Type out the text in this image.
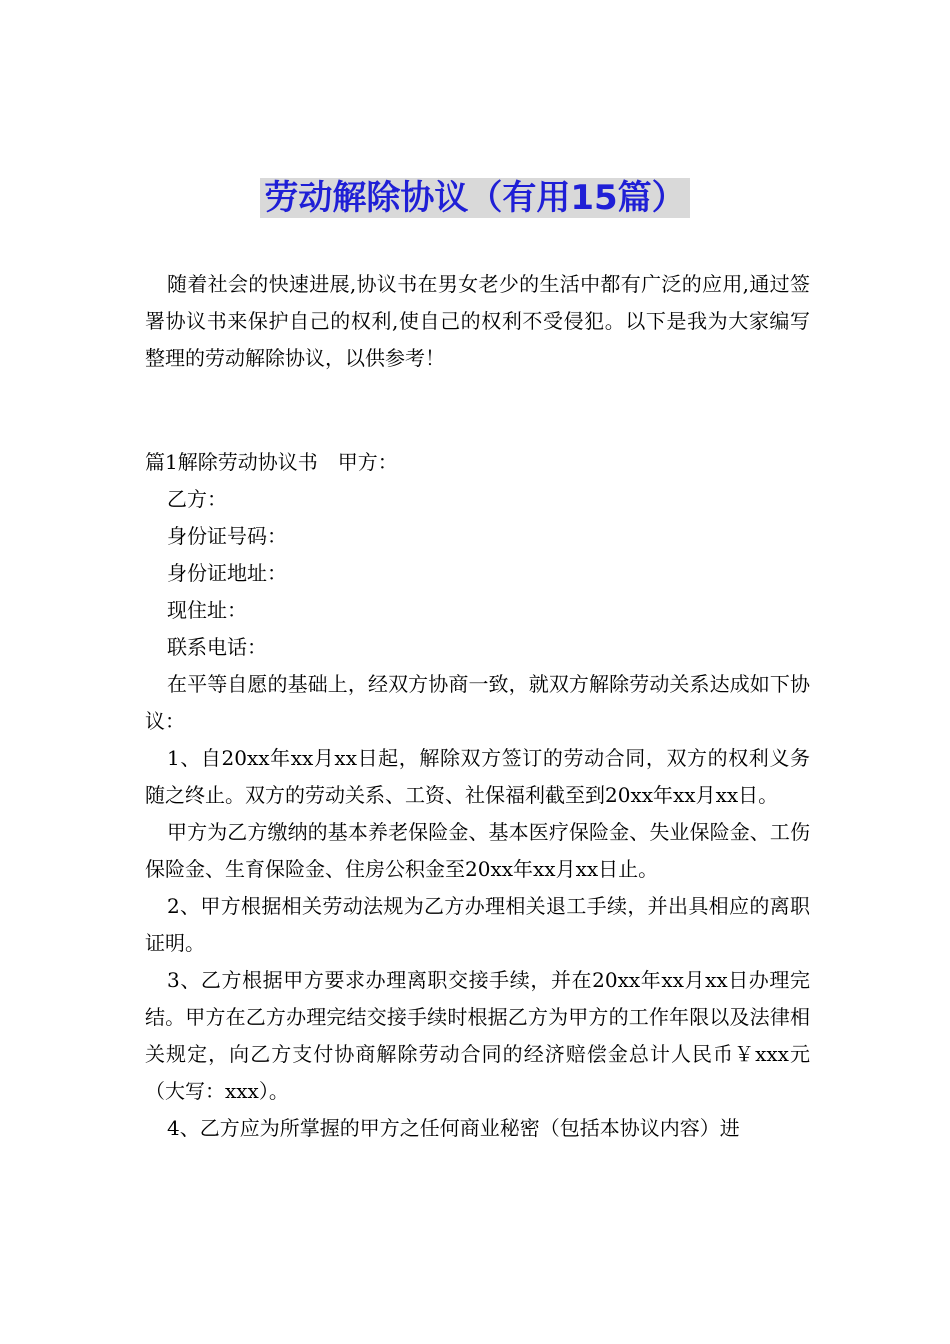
劳动解除协议（有用15篇）

随着社会的快速进展,协议书在男女老少的生活中都有广泛的应用,通过签署协议书来保护自己的权利,使自己的权利不受侵犯。以下是我为大家编写整理的劳动解除协议，以供参考！

篇1解除劳动协议书　甲方：

乙方：

身份证号码：

身份证地址：

现住址：

联系电话：

在平等自愿的基础上，经双方协商一致，就双方解除劳动关系达成如下协议：

1、自20xx年xx月xx日起，解除双方签订的劳动合同，双方的权利义务随之终止。双方的劳动关系、工资、社保福利截至到20xx年xx月xx日。

甲方为乙方缴纳的基本养老保险金、基本医疗保险金、失业保险金、工伤保险金、生育保险金、住房公积金至20xx年xx月xx日止。

2、甲方根据相关劳动法规为乙方办理相关退工手续，并出具相应的离职证明。

3、乙方根据甲方要求办理离职交接手续，并在20xx年xx月xx日办理完结。甲方在乙方办理完结交接手续时根据乙方为甲方的工作年限以及法律相关规定，向乙方支付协商解除劳动合同的经济赔偿金总计人民币￥xxx元（大写：xxx）。

4、乙方应为所掌握的甲方之任何商业秘密（包括本协议内容）进
